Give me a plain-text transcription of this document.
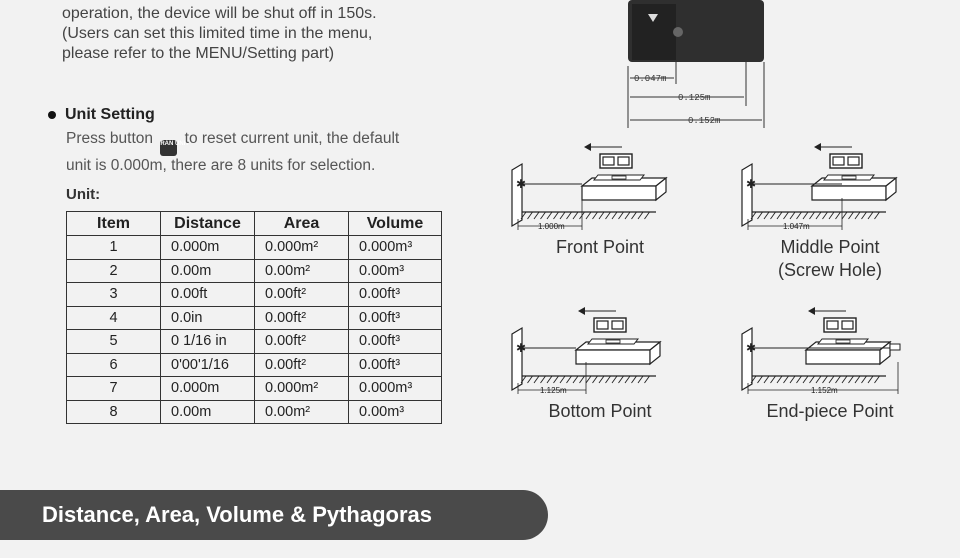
operation, the device will be shut off in 150s.
(Users can set this limited time in the menu,
please refer to the MENU/Setting part)
Unit Setting
Press button RAN UNIT to reset current unit, the default
unit is 0.000m, there are 8 units for selection.
Unit:
Item	Distance	Area	Volume
1	0.000m	0.000m²	0.000m³
2	0.00m	0.00m²	0.00m³
3	0.00ft	0.00ft²	0.00ft³
4	0.0in	0.00ft²	0.00ft³
5	0 1/16 in	0.00ft²	0.00ft³
6	0'00'1/16	0.00ft²	0.00ft³
7	0.000m	0.000m²	0.000m³
8	0.00m	0.00m²	0.00m³
0.047m
0.125m
0.152m
✱
1.000m
Front Point
✱
1.047m
Middle Point
(Screw Hole)
✱
1.125m
Bottom Point
✱
1.152m
End-piece Point
Distance, Area, Volume & Pythagoras
